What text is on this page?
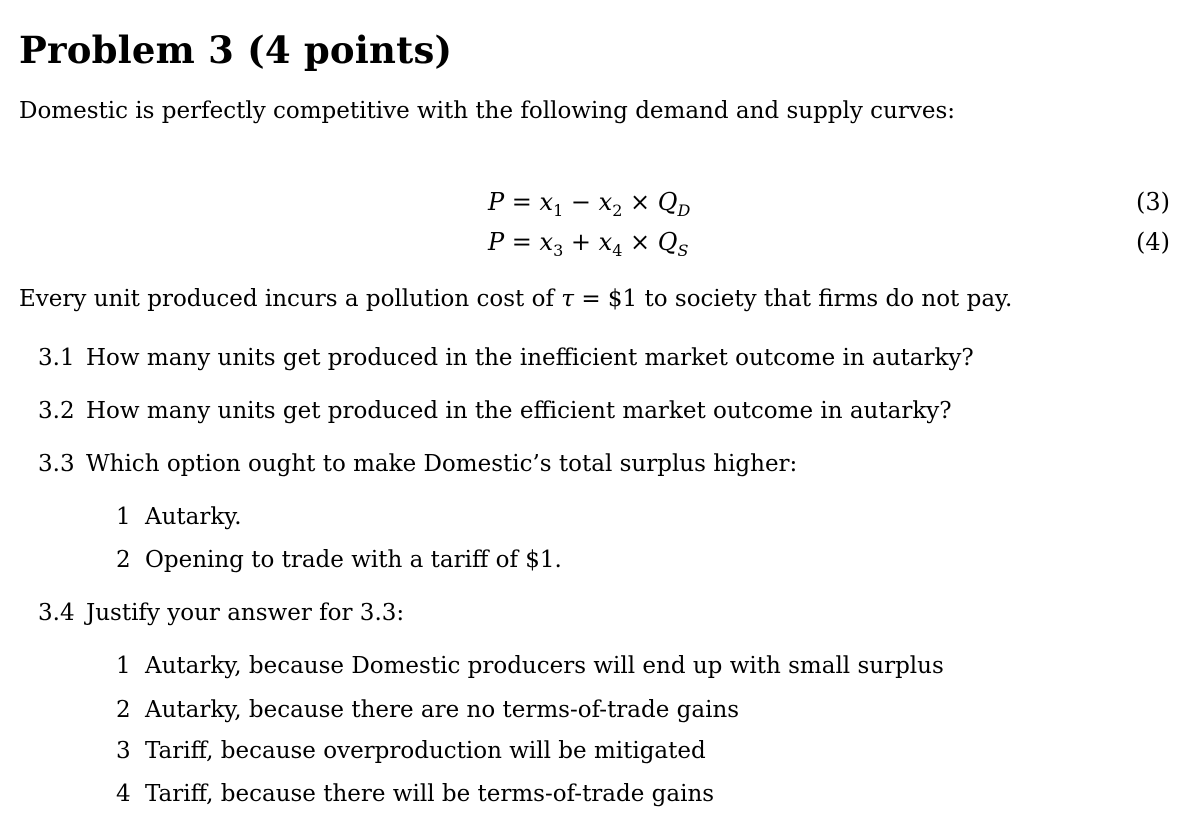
Problem 3 (4 points)
Domestic is perfectly competitive with the following demand and supply curves:
$P = x_1 - x_2 \times Q_D$	(3)
$P = x_3 + x_4 \times Q_S$	(4)
Every unit produced incurs a pollution cost of τ = $1 to society that firms do not pay.
3.1 How many units get produced in the inefficient market outcome in autarky?
3.2 How many units get produced in the efficient market outcome in autarky?
3.3 Which option ought to make Domestic’s total surplus higher:
1 Autarky.
2 Opening to trade with a tariff of $1.
3.4 Justify your answer for 3.3:
1 Autarky, because Domestic producers will end up with small surplus
2 Autarky, because there are no terms-of-trade gains
3 Tariff, because overproduction will be mitigated
4 Tariff, because there will be terms-of-trade gains
